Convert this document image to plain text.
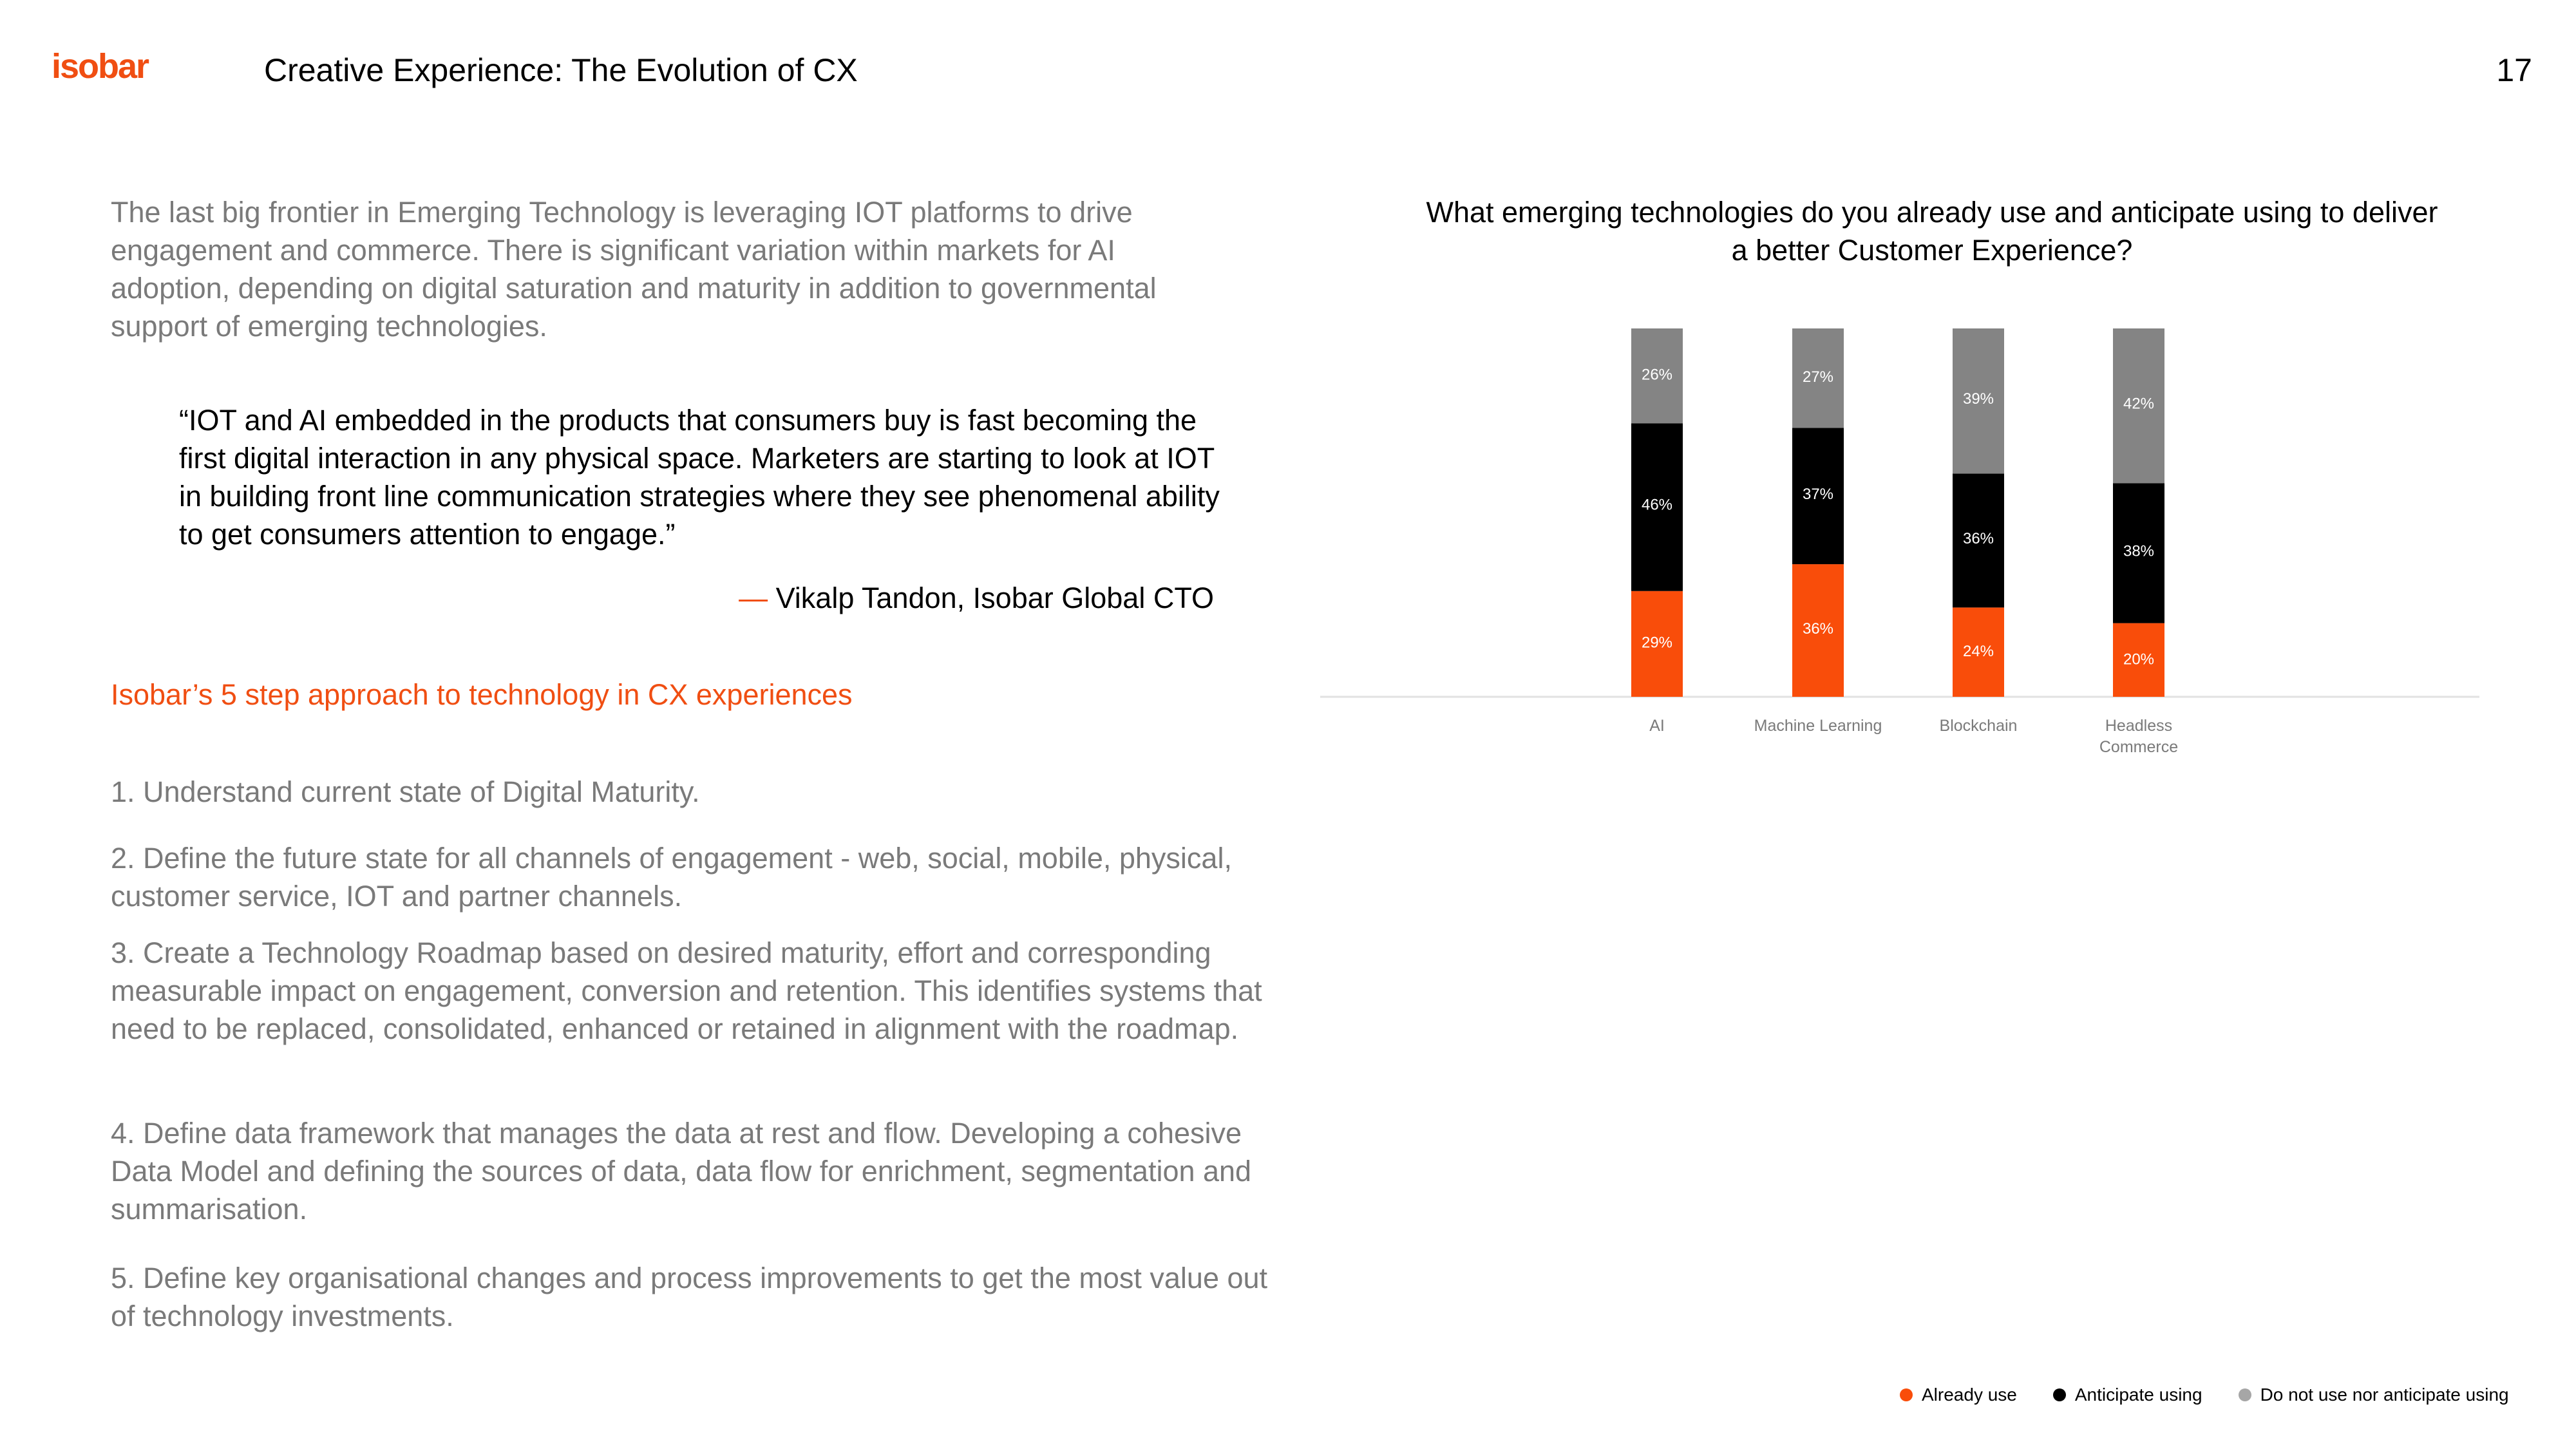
isobar	Creative Experience: The Evolution of CX	17

The last big frontier in Emerging Technology is leveraging IOT platforms to drive engagement and commerce. There is significant variation within markets for AI adoption, depending on digital saturation and maturity in addition to governmental support of emerging technologies.

“IOT and AI embedded in the products that consumers buy is fast becoming the first digital interaction in any physical space. Marketers are starting to look at IOT in building front line communication strategies where they see phenomenal ability to get consumers attention to engage.”

— Vikalp Tandon, Isobar Global CTO
Isobar’s 5 step approach to technology in CX experiences

1. Understand current state of Digital Maturity.

2. Define the future state for all channels of engagement - web, social, mobile, physical, customer service, IOT and partner channels.

3. Create a Technology Roadmap based on desired maturity, effort and corresponding measurable impact on engagement, conversion and retention. This identifies systems that need to be replaced, consolidated, enhanced or retained in alignment with the roadmap.

4. Define data framework that manages the data at rest and flow. Developing a cohesive Data Model and defining the sources of data, data flow for enrichment, segmentation and summarisation.

5. Define key organisational changes and process improvements to get the most value out of technology investments.

What emerging technologies do you already use and anticipate using to deliver a better Customer Experience?

29%
46%
26%
AI
36%
37%
27%
Machine Learning
24%
36%
39%
Blockchain
20%
38%
42%
Headless
Commerce
Already use	Anticipate using	Do not use nor anticipate using
